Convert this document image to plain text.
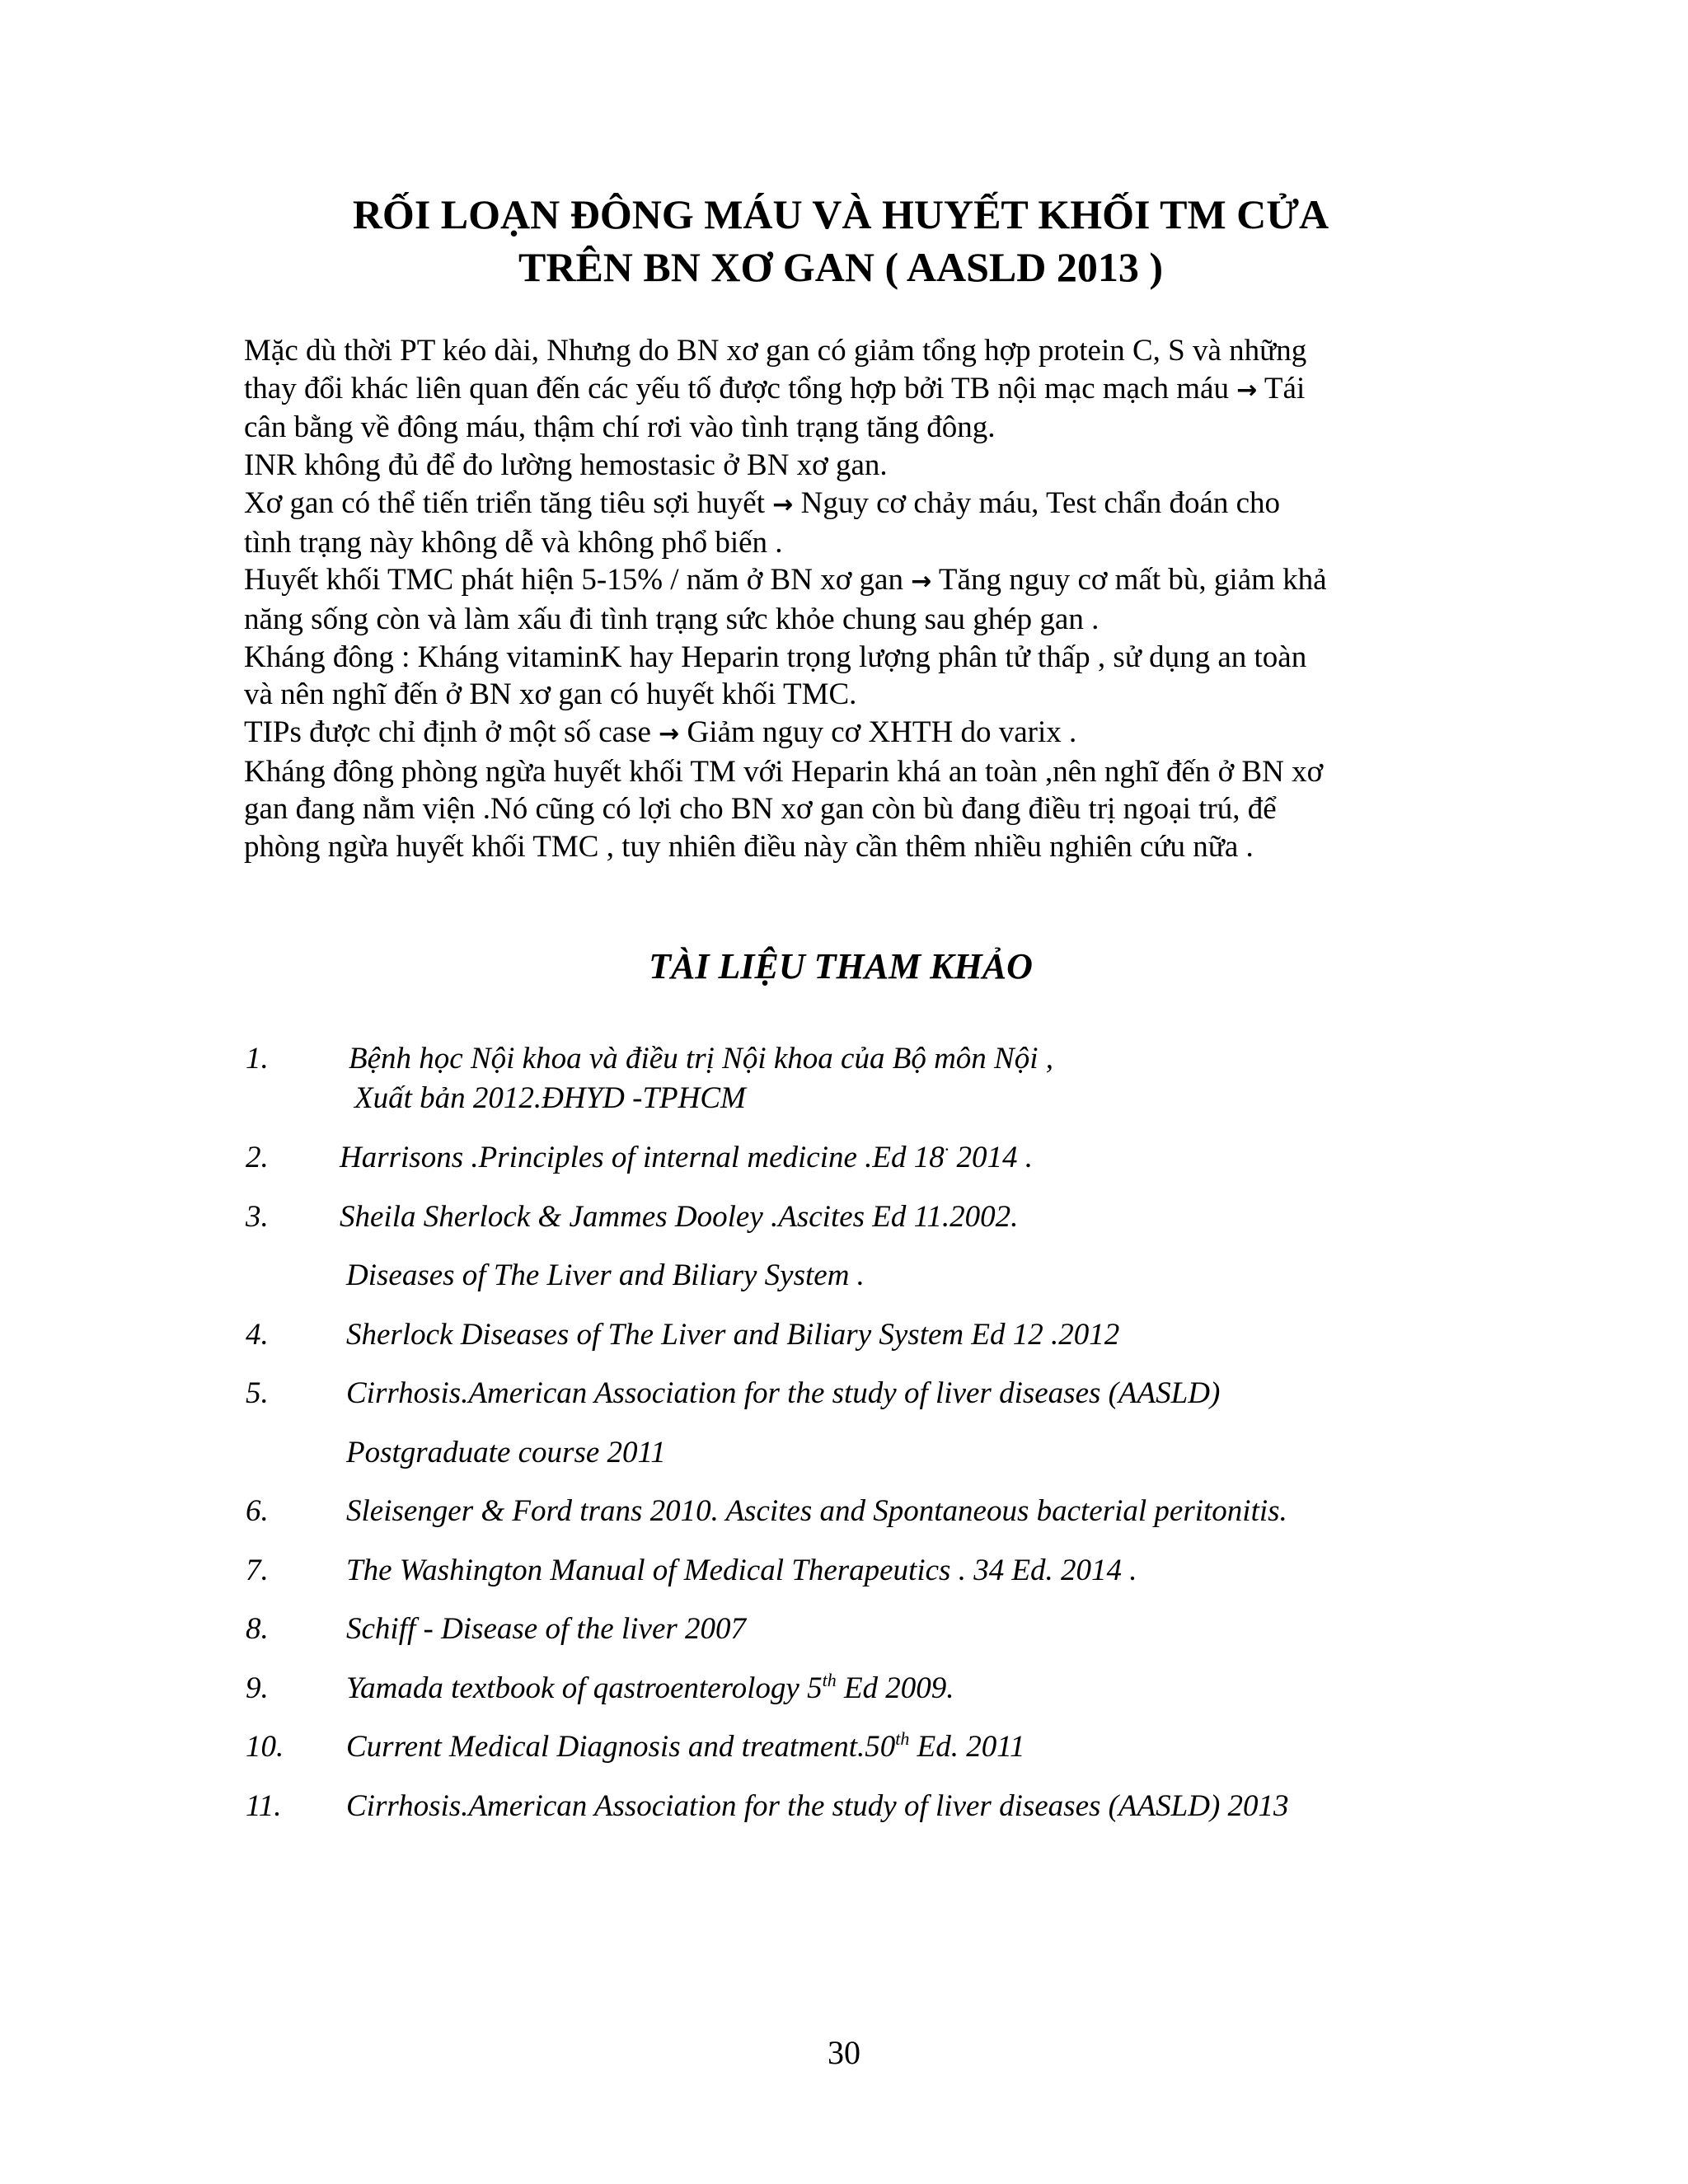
RỐI LOẠN ĐÔNG MÁU VÀ HUYẾT KHỐI TM CỬA
TRÊN BN XƠ GAN ( AASLD 2013 )
Mặc dù thời PT kéo dài, Nhưng do BN xơ gan có giảm tổng hợp protein C, S và những
thay đổi khác liên quan đến các yếu tố được tổng hợp bởi TB nội mạc mạch máu → Tái
cân bằng về đông máu, thậm chí rơi vào tình trạng tăng đông.
INR không đủ để đo lường hemostasic ở BN xơ gan.
Xơ gan có thể tiến triển tăng tiêu sợi huyết → Nguy cơ chảy máu, Test chẩn đoán cho
tình trạng này không dễ và không phổ biến .
Huyết khối TMC phát hiện 5-15% / năm ở BN xơ gan → Tăng nguy cơ mất bù, giảm khả
năng sống còn và làm xấu đi tình trạng sức khỏe chung sau ghép gan .
Kháng đông : Kháng vitaminK hay Heparin trọng lượng phân tử thấp , sử dụng an toàn
và nên nghĩ đến ở BN xơ gan có huyết khối TMC.
TIPs được chỉ định ở một số case → Giảm nguy cơ XHTH do varix .
Kháng đông phòng ngừa huyết khối TM với Heparin khá an toàn ,nên nghĩ đến ở BN xơ
gan đang nằm viện .Nó cũng có lợi cho BN xơ gan còn bù đang điều trị ngoại trú, để
phòng ngừa huyết khối TMC , tuy nhiên điều này cần thêm nhiều nghiên cứu nữa .
TÀI LIỆU THAM KHẢO
1.	Bệnh học Nội khoa và điều trị Nội khoa của Bộ môn Nội ,
Xuất bản 2012.ĐHYD -TPHCM
2. Harrisons .Principles of internal medicine .Ed 18· 2014 .
3. Sheila Sherlock & Jammes Dooley .Ascites Ed 11.2002.
Diseases of The Liver and Biliary System .
4.	Sherlock Diseases of The Liver and Biliary System Ed 12 .2012
5.	Cirrhosis.American Association for the study of liver diseases (AASLD)
Postgraduate course 2011
6.	Sleisenger & Ford trans 2010. Ascites and Spontaneous bacterial peritonitis.
7.	The Washington Manual of Medical Therapeutics . 34 Ed. 2014 .
8.	Schiff - Disease of the liver 2007
9.	Yamada textbook of qastroenterology 5th Ed 2009.
10. Current Medical Diagnosis and treatment.50th Ed. 2011
11. Cirrhosis.American Association for the study of liver diseases (AASLD) 2013
30
